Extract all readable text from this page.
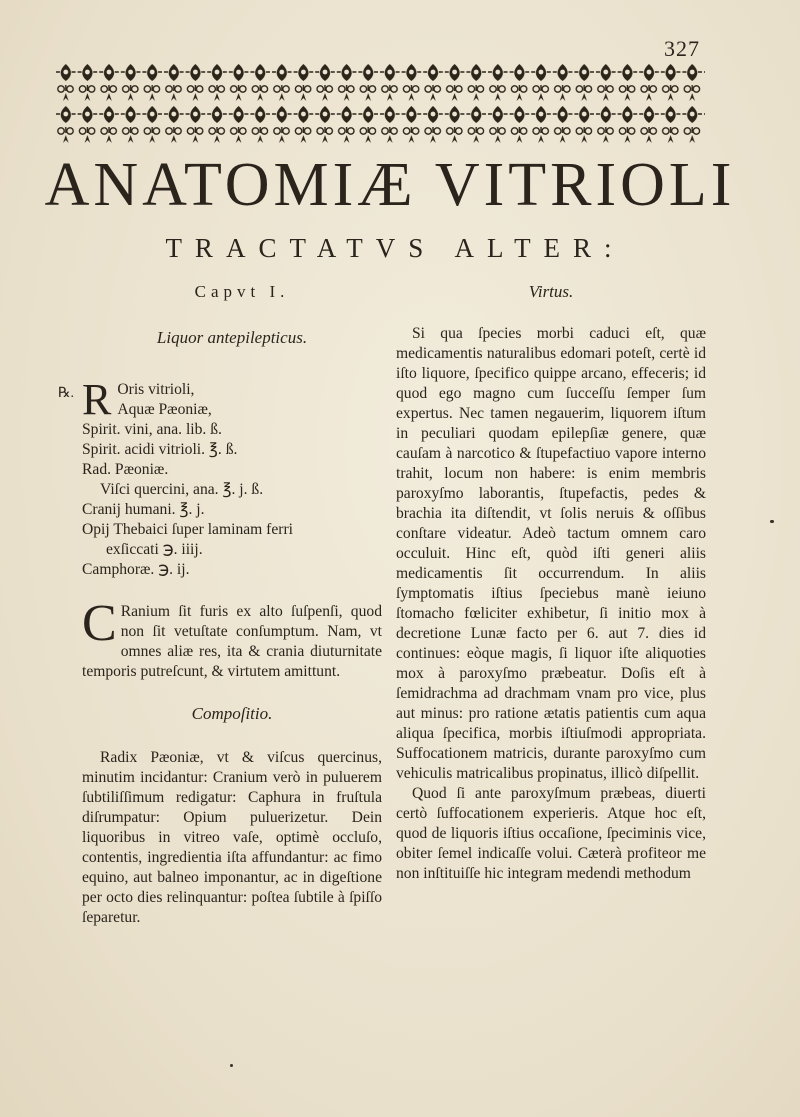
327
ANATOMIÆ VITRIOLI
TRACTATVS ALTER:
Capvt I.
Liquor antepilepticus.
℞. R Oris vitrioli,
Aquæ Pæoniæ,
Spirit. vini, ana. lib. ß.
Spirit. acidi vitrioli. ℥. ß.
Rad. Pæoniæ.
Viſci quercini, ana. ℥. j. ß.
Cranij humani. ℥. j.
Opij Thebaici ſuper laminam ferri
exſiccati ℈. iiij.
Camphoræ. ℈. ij.
C Ranium ſit furis ex alto ſuſpenſi, quod non ſit vetuſtate conſumptum. Nam, vt omnes aliæ res, ita & crania diuturnitate temporis putreſcunt, & virtutem amittunt.
Compoſitio.
Radix Pæoniæ, vt & viſcus quercinus, minutim incidantur: Cranium verò in puluerem ſubtiliſſimum redigatur: Caphura in fruſtula diſrumpatur: Opium puluerizetur. Dein liquoribus in vitreo vaſe, optimè occluſo, contentis, ingredientia iſta affundantur: ac fimo equino, aut balneo imponantur, ac in digeſtione per octo dies relinquantur: poſtea ſubtile à ſpiſſo ſeparetur.
Virtus.
Si qua ſpecies morbi caduci eſt, quæ medicamentis naturalibus edomari poteſt, certè id iſto liquore, ſpecifico quippe arcano, effeceris; id quod ego magno cum ſucceſſu ſemper ſum expertus. Nec tamen negauerim, liquorem iſtum in peculiari quodam epilepſiæ genere, quæ cauſam à narcotico & ſtupefactiuo vapore interno trahit, locum non habere: is enim membris paroxyſmo laborantis, ſtupefactis, pedes & brachia ita diſtendit, vt ſolis neruis & oſſibus conſtare videatur. Adeò tactum omnem caro occuluit. Hinc eſt, quòd iſti generi aliis medicamentis ſit occurrendum. In aliis ſymptomatis iſtius ſpeciebus manè ieiuno ſtomacho fœliciter exhibetur, ſi initio mox à decretione Lunæ facto per 6. aut 7. dies id continues: eòque magis, ſi liquor iſte aliquoties mox à paroxyſmo præbeatur. Doſis eſt à ſemidrachma ad drachmam vnam pro vice, plus aut minus: pro ratione ætatis patientis cum aqua aliqua ſpecifica, morbis iſtiuſmodi appropriata. Suffocationem matricis, durante paroxyſmo cum vehiculis matricalibus propinatus, illicò diſpellit.
Quod ſi ante paroxyſmum præbeas, diuerti certò ſuffocationem experieris. Atque hoc eſt, quod de liquoris iſtius occaſione, ſpeciminis vice, obiter ſemel indicaſſe volui. Cæterà profiteor me non inſtituiſſe hic integram medendi methodum
